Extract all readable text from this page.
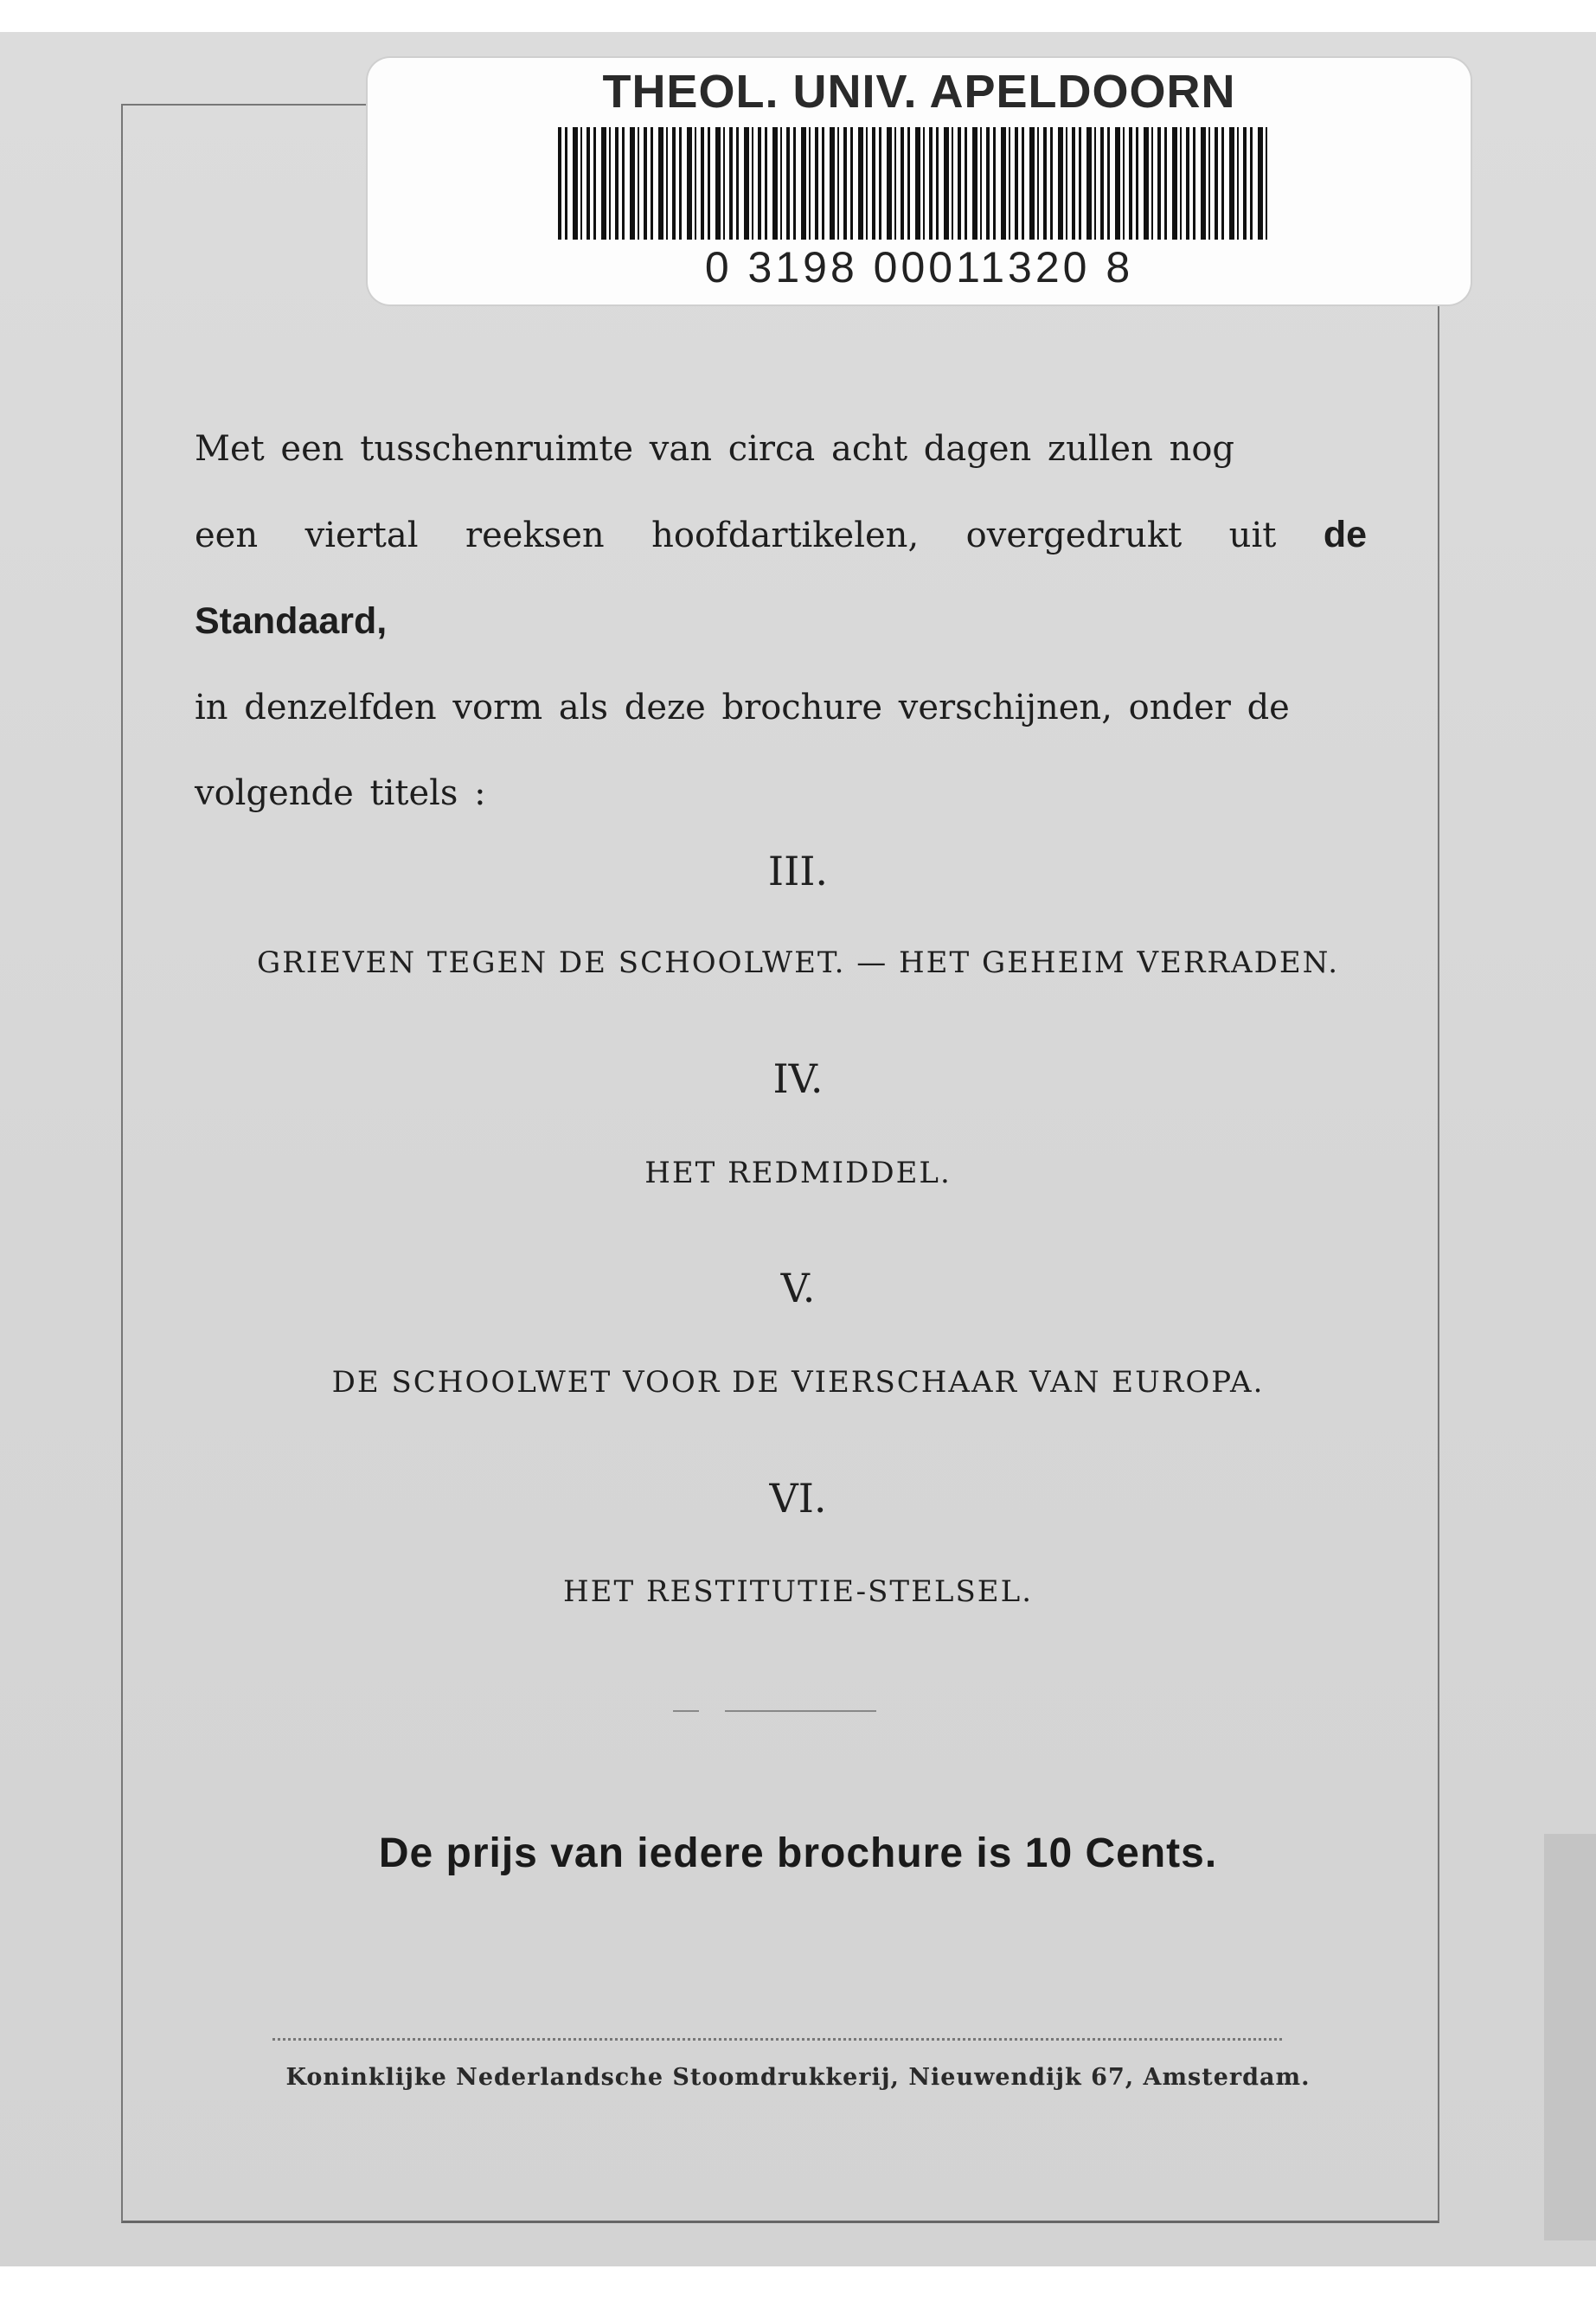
THEOL. UNIV. APELDOORN
0 3198 00011320 8
Met een tusschenruimte van circa acht dagen zullen nog
een viertal reeksen hoofdartikelen, overgedrukt uit de Standaard,
in denzelfden vorm als deze brochure verschijnen, onder de
volgende titels :
III.
GRIEVEN TEGEN DE SCHOOLWET. — HET GEHEIM VERRADEN.
IV.
HET REDMIDDEL.
V.
DE SCHOOLWET VOOR DE VIERSCHAAR VAN EUROPA.
VI.
HET RESTITUTIE-STELSEL.
De prijs van iedere brochure is 10 Cents.
Koninklijke Nederlandsche Stoomdrukkerij, Nieuwendijk 67, Amsterdam.
